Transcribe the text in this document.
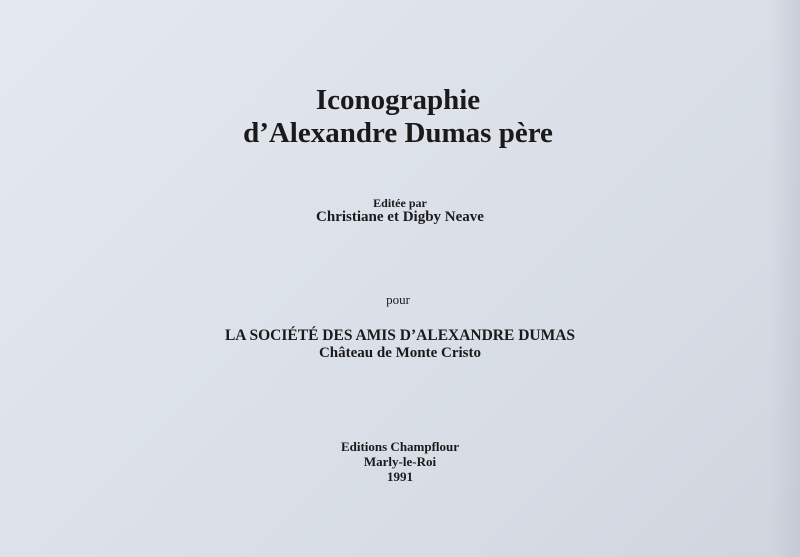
Iconographie
d’Alexandre Dumas père
Editée par
Christiane et Digby Neave
pour
LA SOCIÉTÉ DES AMIS D’ALEXANDRE DUMAS
Château de Monte Cristo
Editions Champflour
Marly-le-Roi
1991
